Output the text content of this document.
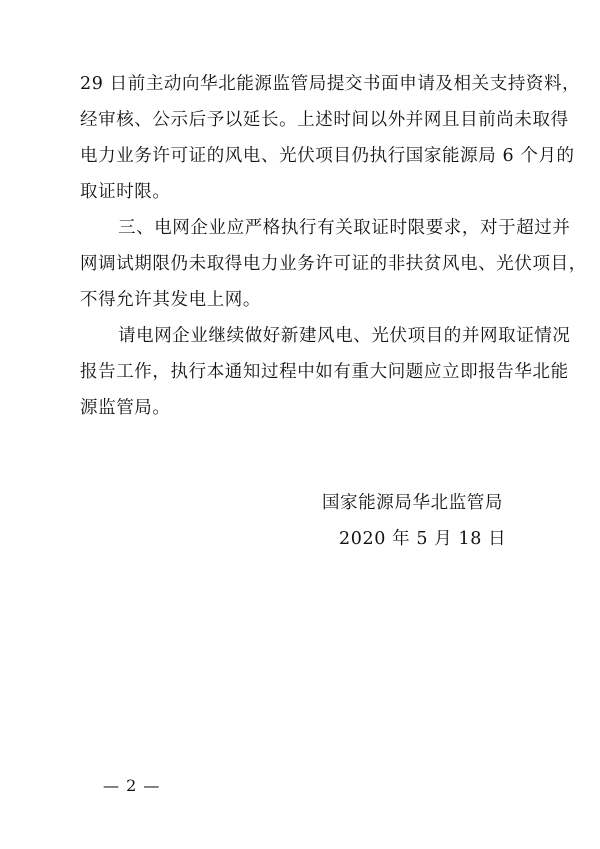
29 日前主动向华北能源监管局提交书面申请及相关支持资料，
经审核、公示后予以延长。上述时间以外并网且目前尚未取得
电力业务许可证的风电、光伏项目仍执行国家能源局 6 个月的
取证时限。
三、电网企业应严格执行有关取证时限要求，对于超过并
网调试期限仍未取得电力业务许可证的非扶贫风电、光伏项目，
不得允许其发电上网。
请电网企业继续做好新建风电、光伏项目的并网取证情况
报告工作，执行本通知过程中如有重大问题应立即报告华北能
源监管局。
国家能源局华北监管局
2020 年 5 月 18 日
— 2 —
